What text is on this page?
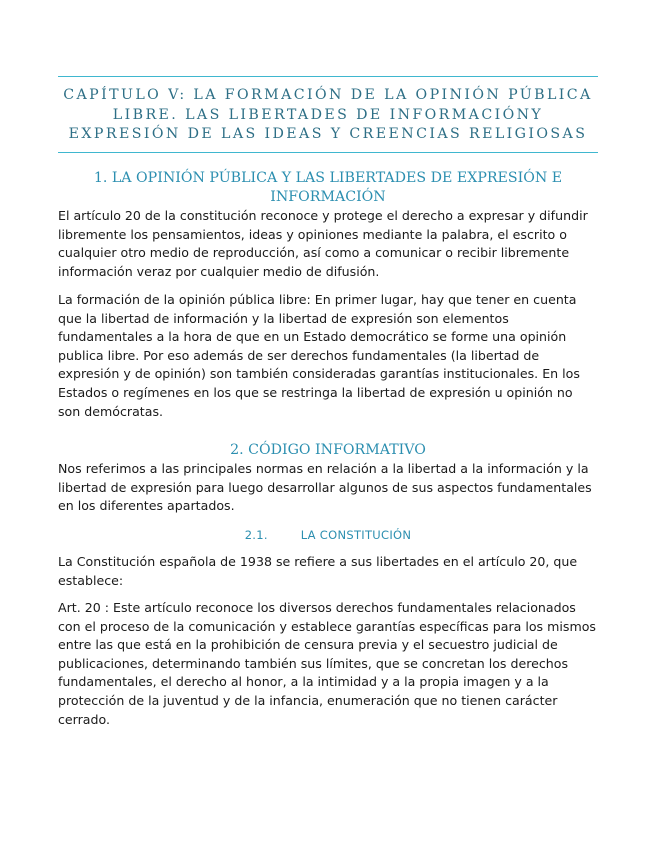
CAPÍTULO V: LA FORMACIÓN DE LA OPINIÓN PÚBLICA LIBRE. LAS LIBERTADES DE INFORMACIÓNY EXPRESIÓN DE LAS IDEAS Y CREENCIAS RELIGIOSAS
1. LA OPINIÓN PÚBLICA Y LAS LIBERTADES DE EXPRESIÓN E INFORMACIÓN

El artículo 20 de la constitución reconoce y protege el derecho a expresar y difundir libremente los pensamientos, ideas y opiniones mediante la palabra, el escrito o cualquier otro medio de reproducción, así como a comunicar o recibir libremente información veraz por cualquier medio de difusión.

La formación de la opinión pública libre: En primer lugar, hay que tener en cuenta que la libertad de información y la libertad de expresión son elementos fundamentales a la hora de que en un Estado democrático se forme una opinión publica libre. Por eso además de ser derechos fundamentales (la libertad de expresión y de opinión) son también consideradas garantías institucionales. En los Estados o regímenes en los que se restringa la libertad de expresión u opinión no son demócratas.

2. CÓDIGO INFORMATIVO

Nos referimos a las principales normas en relación a la libertad a la información y la libertad de expresión para luego desarrollar algunos de sus aspectos fundamentales en los diferentes apartados.

2.1.	LA CONSTITUCIÓN

La Constitución española de 1938 se refiere a sus libertades en el artículo 20, que establece:

Art. 20 : Este artículo reconoce los diversos derechos fundamentales relacionados con el proceso de la comunicación y establece garantías específicas para los mismos entre las que está en la prohibición de censura previa y el secuestro judicial de publicaciones, determinando también sus límites, que se concretan los derechos fundamentales, el derecho al honor, a la intimidad y a la propia imagen y a la protección de la juventud y de la infancia, enumeración que no tienen carácter cerrado.
